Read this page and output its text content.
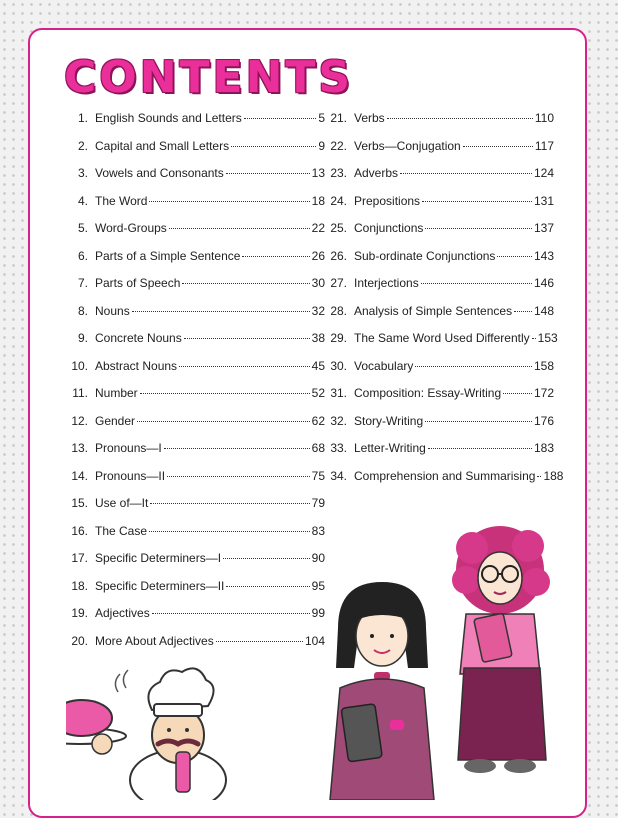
CONTENTS
1. English Sounds and Letters	5
2. Capital and Small Letters	9
3. Vowels and Consonants	13
4. The Word	18
5. Word-Groups	22
6. Parts of a Simple Sentence	26
7. Parts of Speech	30
8. Nouns	32
9. Concrete Nouns	38
10. Abstract Nouns	45
11. Number	52
12. Gender	62
13. Pronouns—I	68
14. Pronouns—II	75
15. Use of—It	79
16. The Case	83
17. Specific Determiners—I	90
18. Specific Determiners—II	95
19. Adjectives	99
20. More About Adjectives	104
21. Verbs	110
22. Verbs—Conjugation	117
23. Adverbs	124
24. Prepositions	131
25. Conjunctions	137
26. Sub-ordinate Conjunctions	143
27. Interjections	146
28. Analysis of Simple Sentences 148
29. The Same Word Used Differently 153
30. Vocabulary	158
31. Composition: Essay-Writing	172
32. Story-Writing	176
33. Letter-Writing	183
34. Comprehension and Summarising 188
